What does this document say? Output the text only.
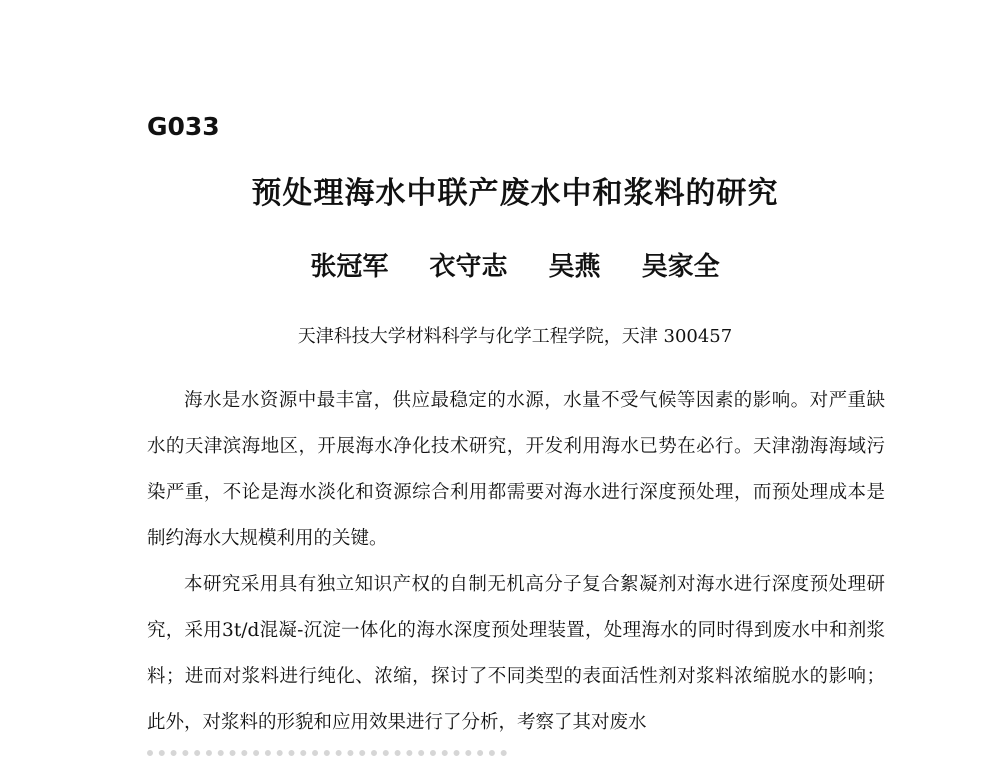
G033
预处理海水中联产废水中和浆料的研究
张冠军 衣守志 吴燕 吴家全
天津科技大学材料科学与化学工程学院，天津 300457

海水是水资源中最丰富，供应最稳定的水源，水量不受气候等因素的影响。对严重缺水的天津滨海地区，开展海水净化技术研究，开发利用海水已势在必行。天津渤海海域污染严重，不论是海水淡化和资源综合利用都需要对海水进行深度预处理，而预处理成本是制约海水大规模利用的关键。

本研究采用具有独立知识产权的自制无机高分子复合絮凝剂对海水进行深度预处理研究，采用3t/d混凝-沉淀一体化的海水深度预处理装置，处理海水的同时得到废水中和剂浆料；进而对浆料进行纯化、浓缩，探讨了不同类型的表面活性剂对浆料浓缩脱水的影响；此外，对浆料的形貌和应用效果进行了分析，考察了其对废水
